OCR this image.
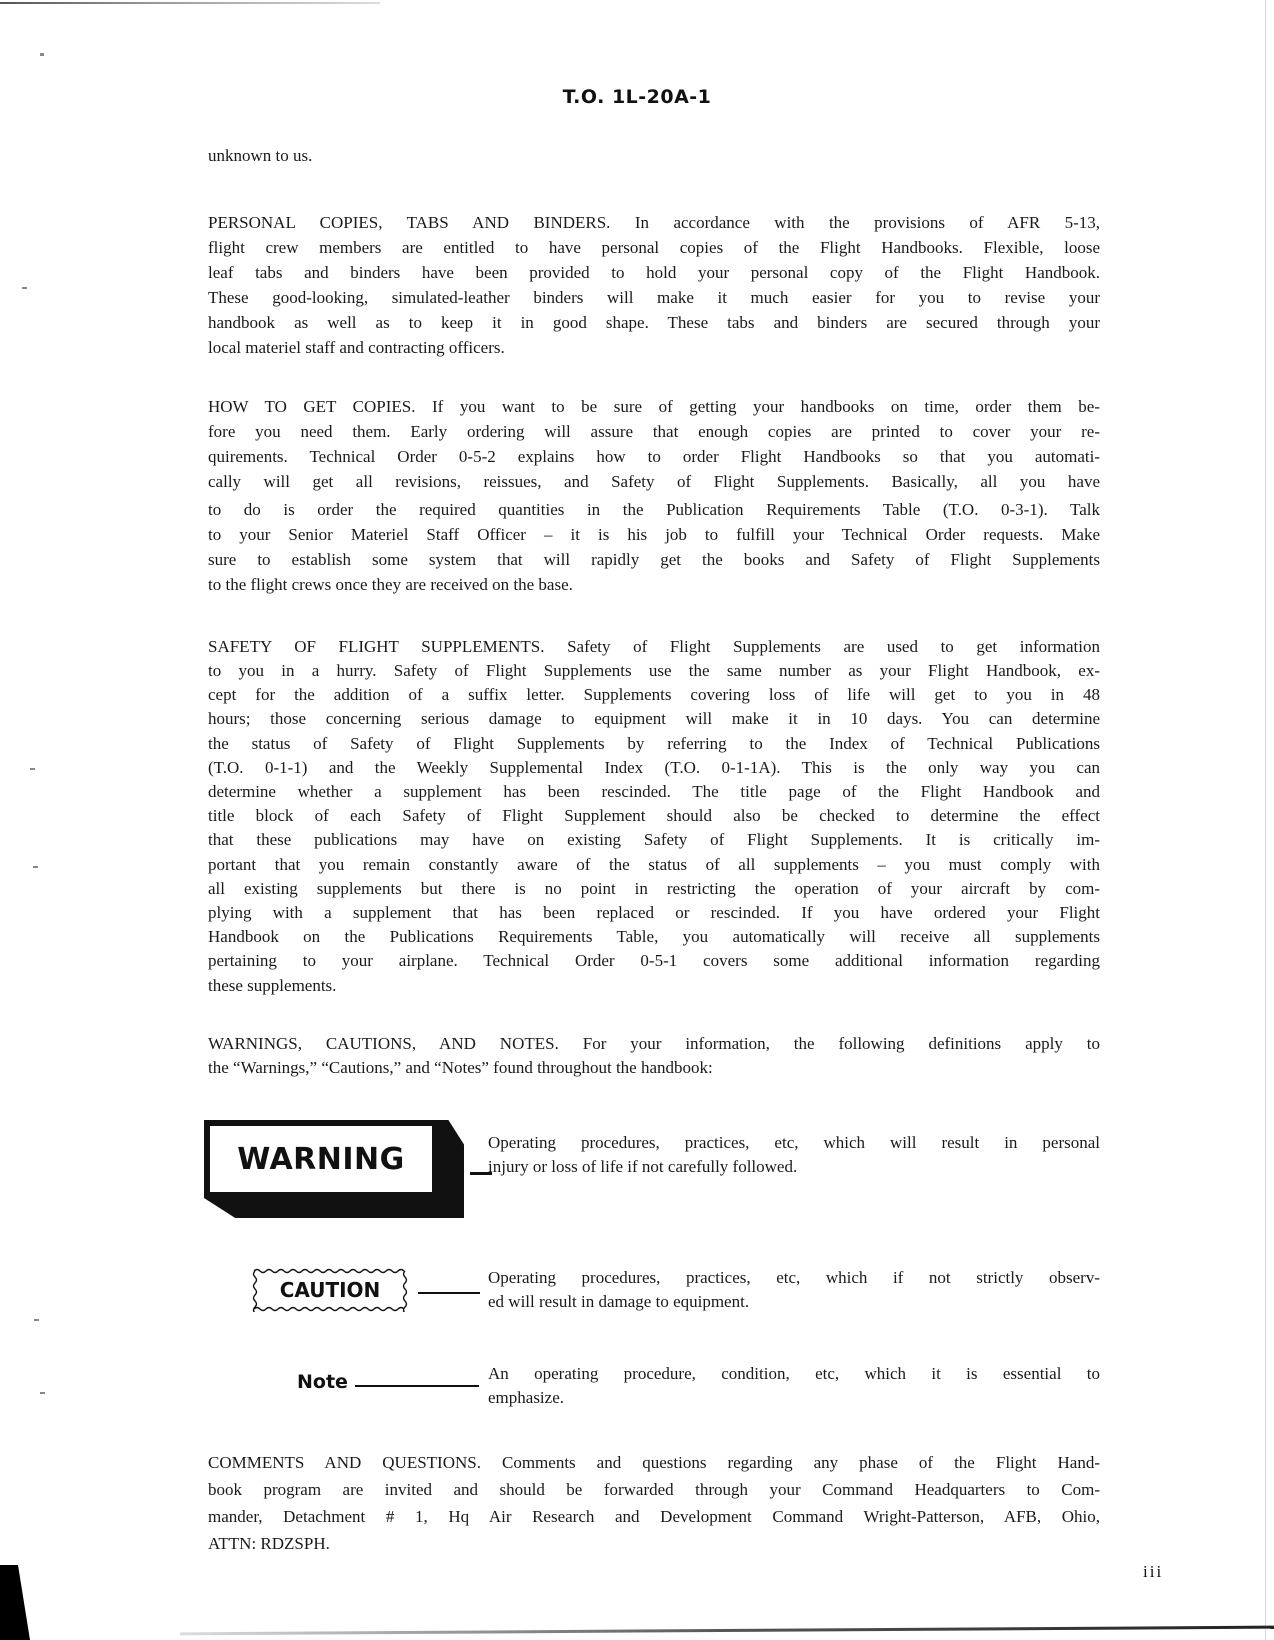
T.O. 1L-20A-1
unknown to us.
PERSONAL COPIES, TABS AND BINDERS. In accordance with the provisions of AFR 5-13,
flight crew members are entitled to have personal copies of the Flight Handbooks. Flexible, loose
leaf tabs and binders have been provided to hold your personal copy of the Flight Handbook.
These good-looking, simulated-leather binders will make it much easier for you to revise your
handbook as well as to keep it in good shape. These tabs and binders are secured through your
local materiel staff and contracting officers.
HOW TO GET COPIES. If you want to be sure of getting your handbooks on time, order them be-
fore you need them. Early ordering will assure that enough copies are printed to cover your re-
quirements. Technical Order 0-5-2 explains how to order Flight Handbooks so that you automati-
cally will get all revisions, reissues, and Safety of Flight Supplements. Basically, all you have
to do is order the required quantities in the Publication Requirements Table (T.O. 0-3-1). Talk
to your Senior Materiel Staff Officer – it is his job to fulfill your Technical Order requests. Make
sure to establish some system that will rapidly get the books and Safety of Flight Supplements
to the flight crews once they are received on the base.
SAFETY OF FLIGHT SUPPLEMENTS. Safety of Flight Supplements are used to get information
to you in a hurry. Safety of Flight Supplements use the same number as your Flight Handbook, ex-
cept for the addition of a suffix letter. Supplements covering loss of life will get to you in 48
hours; those concerning serious damage to equipment will make it in 10 days. You can determine
the status of Safety of Flight Supplements by referring to the Index of Technical Publications
(T.O. 0-1-1) and the Weekly Supplemental Index (T.O. 0-1-1A). This is the only way you can
determine whether a supplement has been rescinded. The title page of the Flight Handbook and
title block of each Safety of Flight Supplement should also be checked to determine the effect
that these publications may have on existing Safety of Flight Supplements. It is critically im-
portant that you remain constantly aware of the status of all supplements – you must comply with
all existing supplements but there is no point in restricting the operation of your aircraft by com-
plying with a supplement that has been replaced or rescinded. If you have ordered your Flight
Handbook on the Publications Requirements Table, you automatically will receive all supplements
pertaining to your airplane. Technical Order 0-5-1 covers some additional information regarding
these supplements.
WARNINGS, CAUTIONS, AND NOTES. For your information, the following definitions apply to
the “Warnings,” “Cautions,” and “Notes” found throughout the handbook:
WARNING	Operating procedures, practices, etc, which will result in personal
injury or loss of life if not carefully followed.
CAUTION
Operating procedures, practices, etc, which if not strictly observ-
ed will result in damage to equipment.
Note	An operating procedure, condition, etc, which it is essential to
emphasize.
COMMENTS AND QUESTIONS. Comments and questions regarding any phase of the Flight Hand-
book program are invited and should be forwarded through your Command Headquarters to Com-
mander, Detachment # 1, Hq Air Research and Development Command Wright-Patterson, AFB, Ohio,
ATTN: RDZSPH.
iii
